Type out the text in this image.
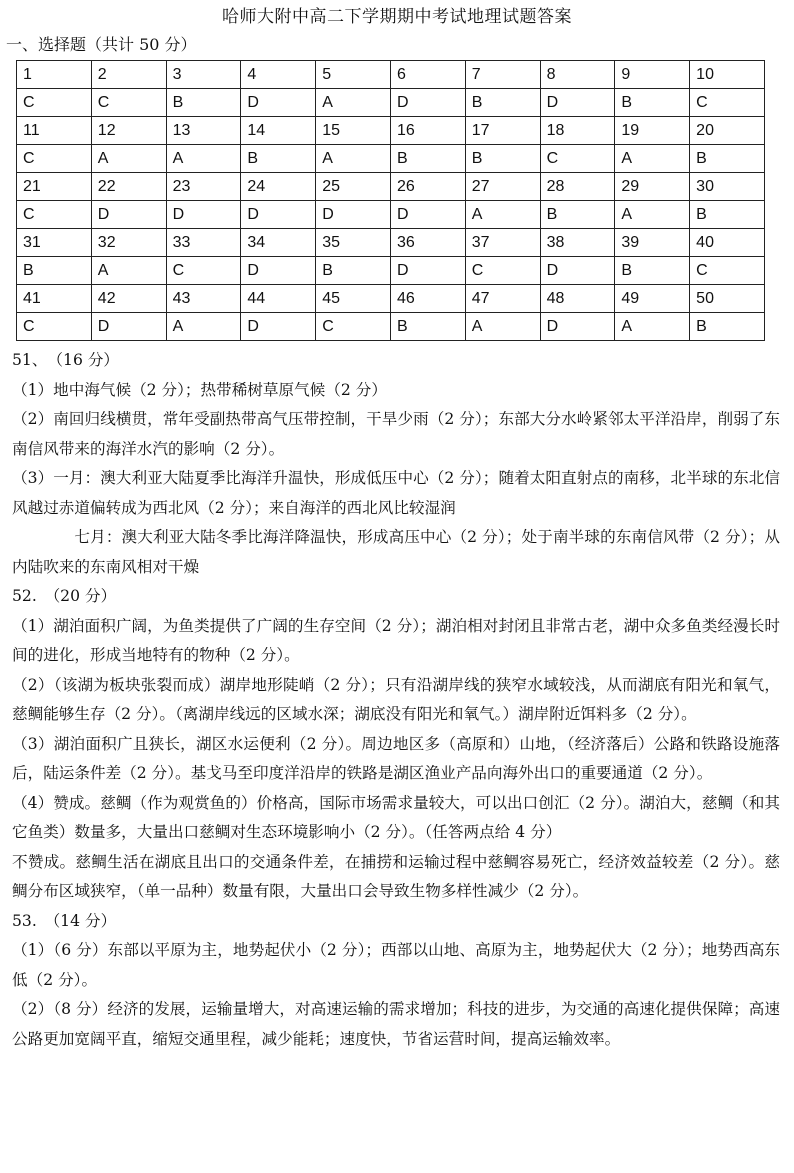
哈师大附中高二下学期期中考试地理试题答案
一、选择题（共计 50 分）
1	2	3	4	5	6	7	8	9	10
C	C	B	D	A	D	B	D	B	C
11	12	13	14	15	16	17	18	19	20
C	A	A	B	A	B	B	C	A	B
21	22	23	24	25	26	27	28	29	30
C	D	D	D	D	D	A	B	A	B
31	32	33	34	35	36	37	38	39	40
B	A	C	D	B	D	C	D	B	C
41	42	43	44	45	46	47	48	49	50
C	D	A	D	C	B	A	D	A	B

51、　（16 分）

（1）地中海气候（2 分）；热带稀树草原气候（2 分）

（2）南回归线横贯，常年受副热带高气压带控制，干旱少雨（2 分）；东部大分水岭紧邻太平洋沿岸，削弱了东南信风带来的海洋水汽的影响（2 分）。

（3）一月：澳大利亚大陆夏季比海洋升温快，形成低压中心（2 分）；随着太阳直射点的南移，北半球的东北信风越过赤道偏转成为西北风（2 分）；来自海洋的西北风比较湿润

七月：澳大利亚大陆冬季比海洋降温快，形成高压中心（2 分）；处于南半球的东南信风带（2 分）；从内陆吹来的东南风相对干燥

52.　（20 分）

（1）湖泊面积广阔，为鱼类提供了广阔的生存空间（2 分）；湖泊相对封闭且非常古老，湖中众多鱼类经漫长时间的进化，形成当地特有的物种（2 分）。

（2）（该湖为板块张裂而成）湖岸地形陡峭（2 分）；只有沿湖岸线的狭窄水域较浅，从而湖底有阳光和氧气，慈鲷能够生存（2 分）。（离湖岸线远的区域水深；湖底没有阳光和氧气。）湖岸附近饵料多（2 分）。

（3）湖泊面积广且狭长，湖区水运便利（2 分）。周边地区多（高原和）山地，（经济落后）公路和铁路设施落后，陆运条件差（2 分）。基戈马至印度洋沿岸的铁路是湖区渔业产品向海外出口的重要通道（2 分）。

（4）赞成。慈鲷（作为观赏鱼的）价格高，国际市场需求量较大，可以出口创汇（2 分）。湖泊大，慈鲷（和其它鱼类）数量多，大量出口慈鲷对生态环境影响小（2 分）。（任答两点给 4 分）

不赞成。慈鲷生活在湖底且出口的交通条件差，在捕捞和运输过程中慈鲷容易死亡，经济效益较差（2 分）。慈鲷分布区域狭窄，（单一品种）数量有限，大量出口会导致生物多样性减少（2 分）。

53.　（14 分）

（1）（6 分）东部以平原为主，地势起伏小（2 分）；西部以山地、高原为主，地势起伏大（2 分）；地势西高东低（2 分）。

（2）（8 分）经济的发展，运输量增大，对高速运输的需求增加；科技的进步，为交通的高速化提供保障；高速公路更加宽阔平直，缩短交通里程，减少能耗；速度快，节省运营时间，提高运输效率。
